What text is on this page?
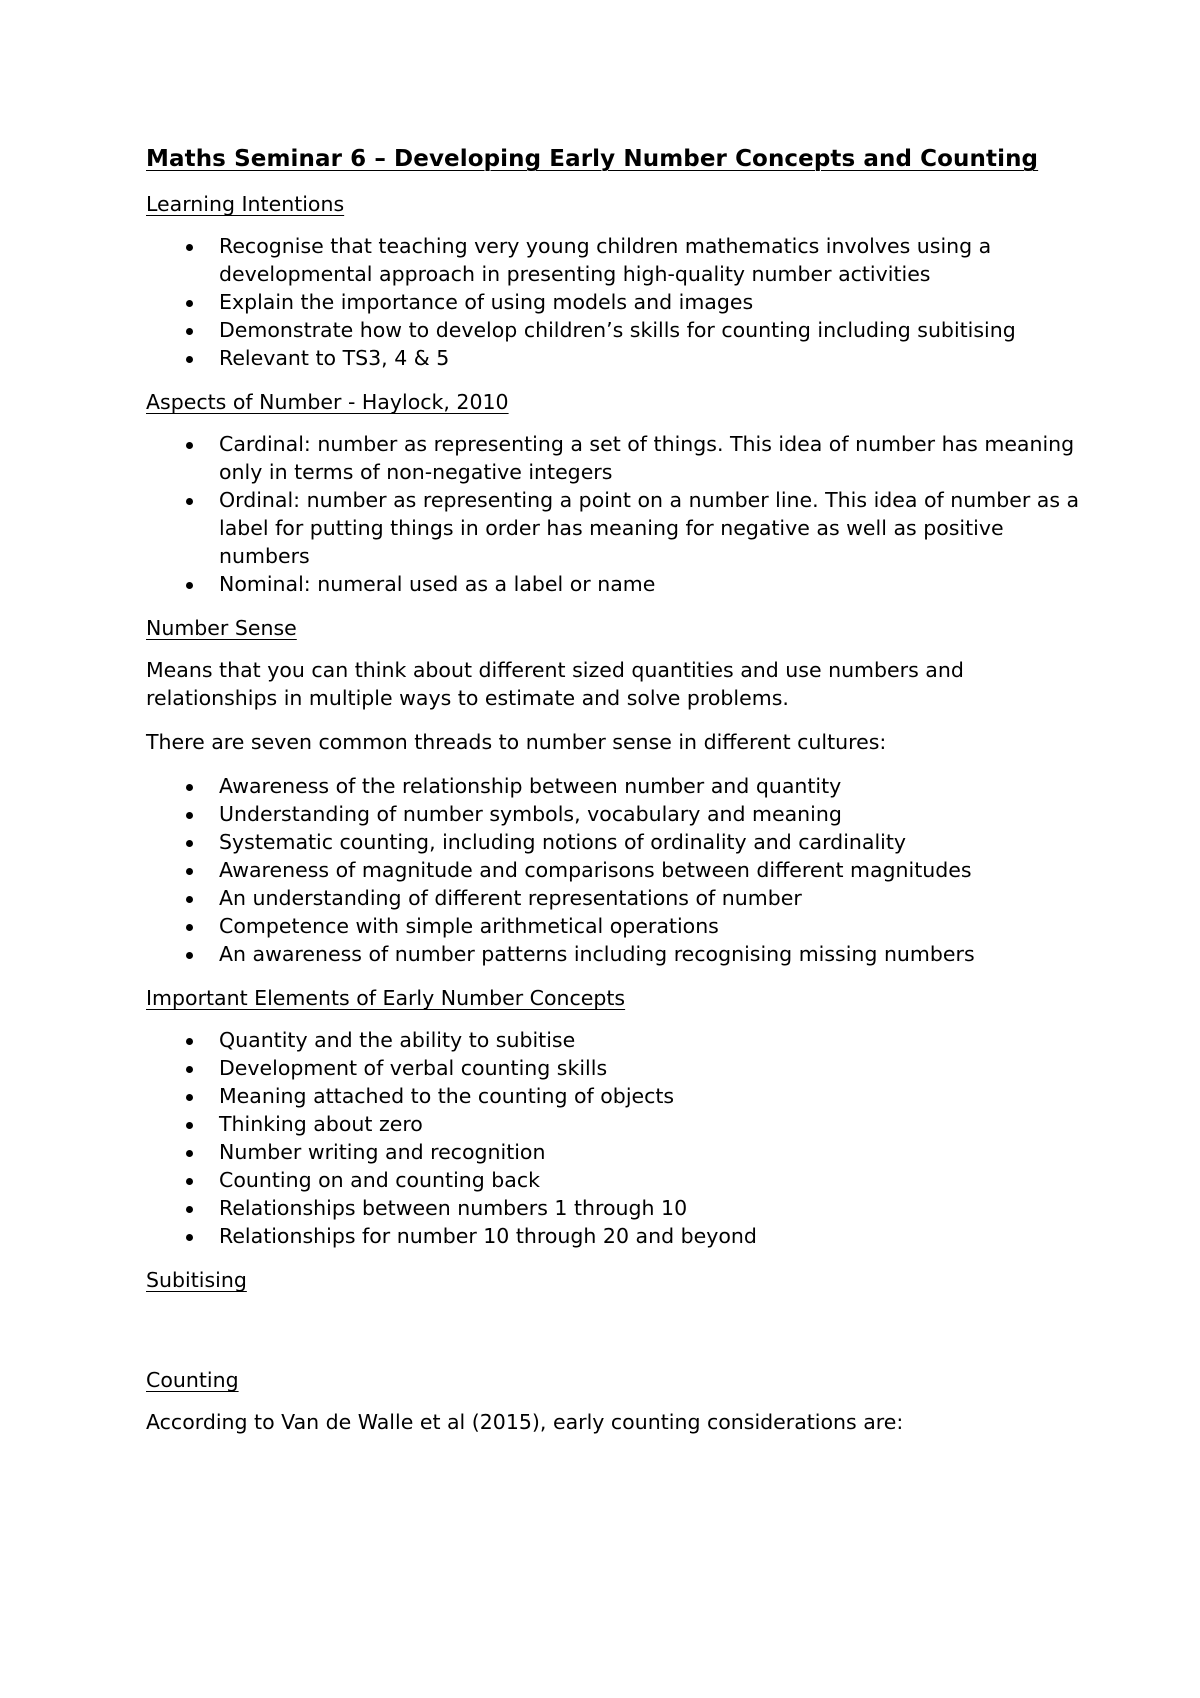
Maths Seminar 6 – Developing Early Number Concepts and Counting
Learning Intentions
Recognise that teaching very young children mathematics involves using a developmental approach in presenting high-quality number activities
Explain the importance of using models and images
Demonstrate how to develop children’s skills for counting including subitising
Relevant to TS3, 4 & 5
Aspects of Number - Haylock, 2010
Cardinal: number as representing a set of things. This idea of number has meaning only in terms of non-negative integers
Ordinal: number as representing a point on a number line. This idea of number as a label for putting things in order has meaning for negative as well as positive numbers
Nominal: numeral used as a label or name
Number Sense

Means that you can think about different sized quantities and use numbers and relationships in multiple ways to estimate and solve problems.

There are seven common threads to number sense in different cultures:

Awareness of the relationship between number and quantity
Understanding of number symbols, vocabulary and meaning
Systematic counting, including notions of ordinality and cardinality
Awareness of magnitude and comparisons between different magnitudes
An understanding of different representations of number
Competence with simple arithmetical operations
An awareness of number patterns including recognising missing numbers
Important Elements of Early Number Concepts
Quantity and the ability to subitise
Development of verbal counting skills
Meaning attached to the counting of objects
Thinking about zero
Number writing and recognition
Counting on and counting back
Relationships between numbers 1 through 10
Relationships for number 10 through 20 and beyond
Subitising
Counting

According to Van de Walle et al (2015), early counting considerations are:
